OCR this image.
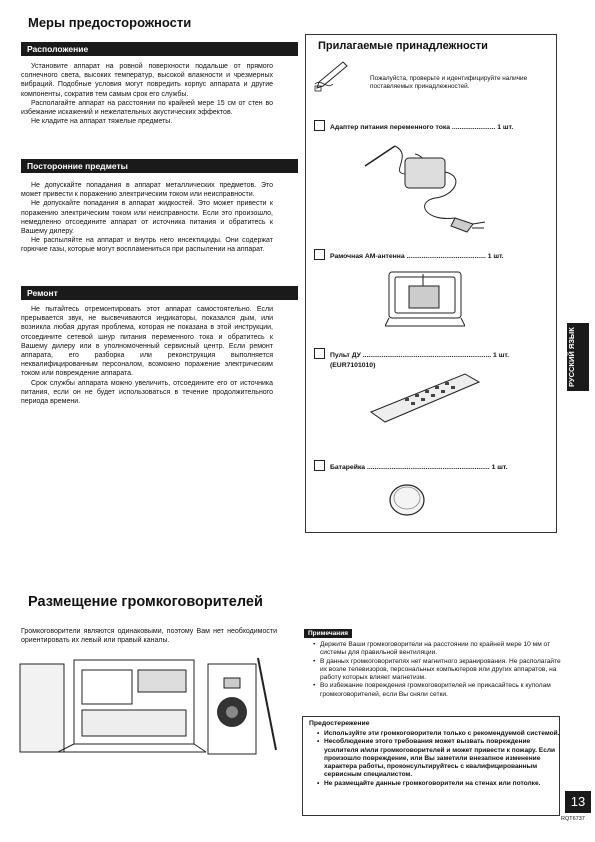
Меры предосторожности
Расположение

Установите аппарат на ровной поверхности подальше от прямого солнечного света, высоких температур, высокой влажности и чрезмерных вибраций. Подобные условия могут повредить корпус аппарата и другие компоненты, сократив тем самым срок его службы.

Располагайте аппарат на расстоянии по крайней мере 15 см от стен во избежание искажений и нежелательных акустических эффектов.

Не кладите на аппарат тяжелые предметы.

Посторонние предметы

Не допускайте попадания в аппарат металлических предметов. Это может привести к поражению электрическим током или неисправности.

Не допускайте попадания в аппарат жидкостей. Это может привести к поражению электрическим током или неисправности. Если это произошло, немедленно отсоедините аппарат от источника питания и обратитесь к Вашему дилеру.

Не распыляйте на аппарат и внутрь него инсектициды. Они содержат горючие газы, которые могут воспламениться при распылении на аппарат.

Ремонт

Не пытайтесь отремонтировать этот аппарат самостоятельно. Если прерывается звук, не высвечиваются индикаторы, показался дым, или возникла любая другая проблема, которая не показана в этой инструкции, отсоедините сетевой шнур питания переменного тока и обратитесь к Вашему дилеру или в уполномоченный сервисный центр. Если ремонт аппарата, его разборка или реконструкция выполняется неквалифицированным персоналом, возможно поражение электрическим током или повреждение аппарата.

Срок службы аппарата можно увеличить, отсоедините его от источника питания, если он не будет использоваться в течение продолжительного периода времени.

Прилагаемые принадлежности
Пожалуйста, проверьте и идентифицируйте наличие поставляемых принадлежностей.
Адаптер питания переменного тока ....................... 1 шт.
Рамочная АМ-антенна .......................................... 1 шт.
Пульт ДУ .................................................................... 1 шт.
(EUR7101010)
Батарейка ................................................................. 1 шт.
РУССКИЙ ЯЗЫК
Размещение громкоговорителей
Громкоговорители являются одинаковыми, поэтому Вам нет необходимости ориентировать их левый или правый каналы.
Примечания
• Держите Ваши громкоговорители на расстоянии по крайней мере 10 мм от системы для правильной вентиляции.
• В данных громкоговорителях нет магнитного экранирования. Не располагайте их возле телевизоров, персональных компьютеров или других аппаратов, на работу которых влияет магнетизм.
• Во избежание повреждения громкоговорителей не прикасайтесь к куполам громкоговорителей, если Вы сняли сетки.
Предостережение
• Используйте эти громкоговорители только с рекомендуемой системой.
• Несоблюдение этого требования может вызвать повреждение усилителя и/или громкоговорителей и может привести к пожару. Если произошло повреждение, или Вы заметили внезапное изменение характера работы, проконсультируйтесь с квалифицированным сервисным специалистом.
• Не размещайте данные громкоговорители на стенах или потолке.
13
RQT6737
